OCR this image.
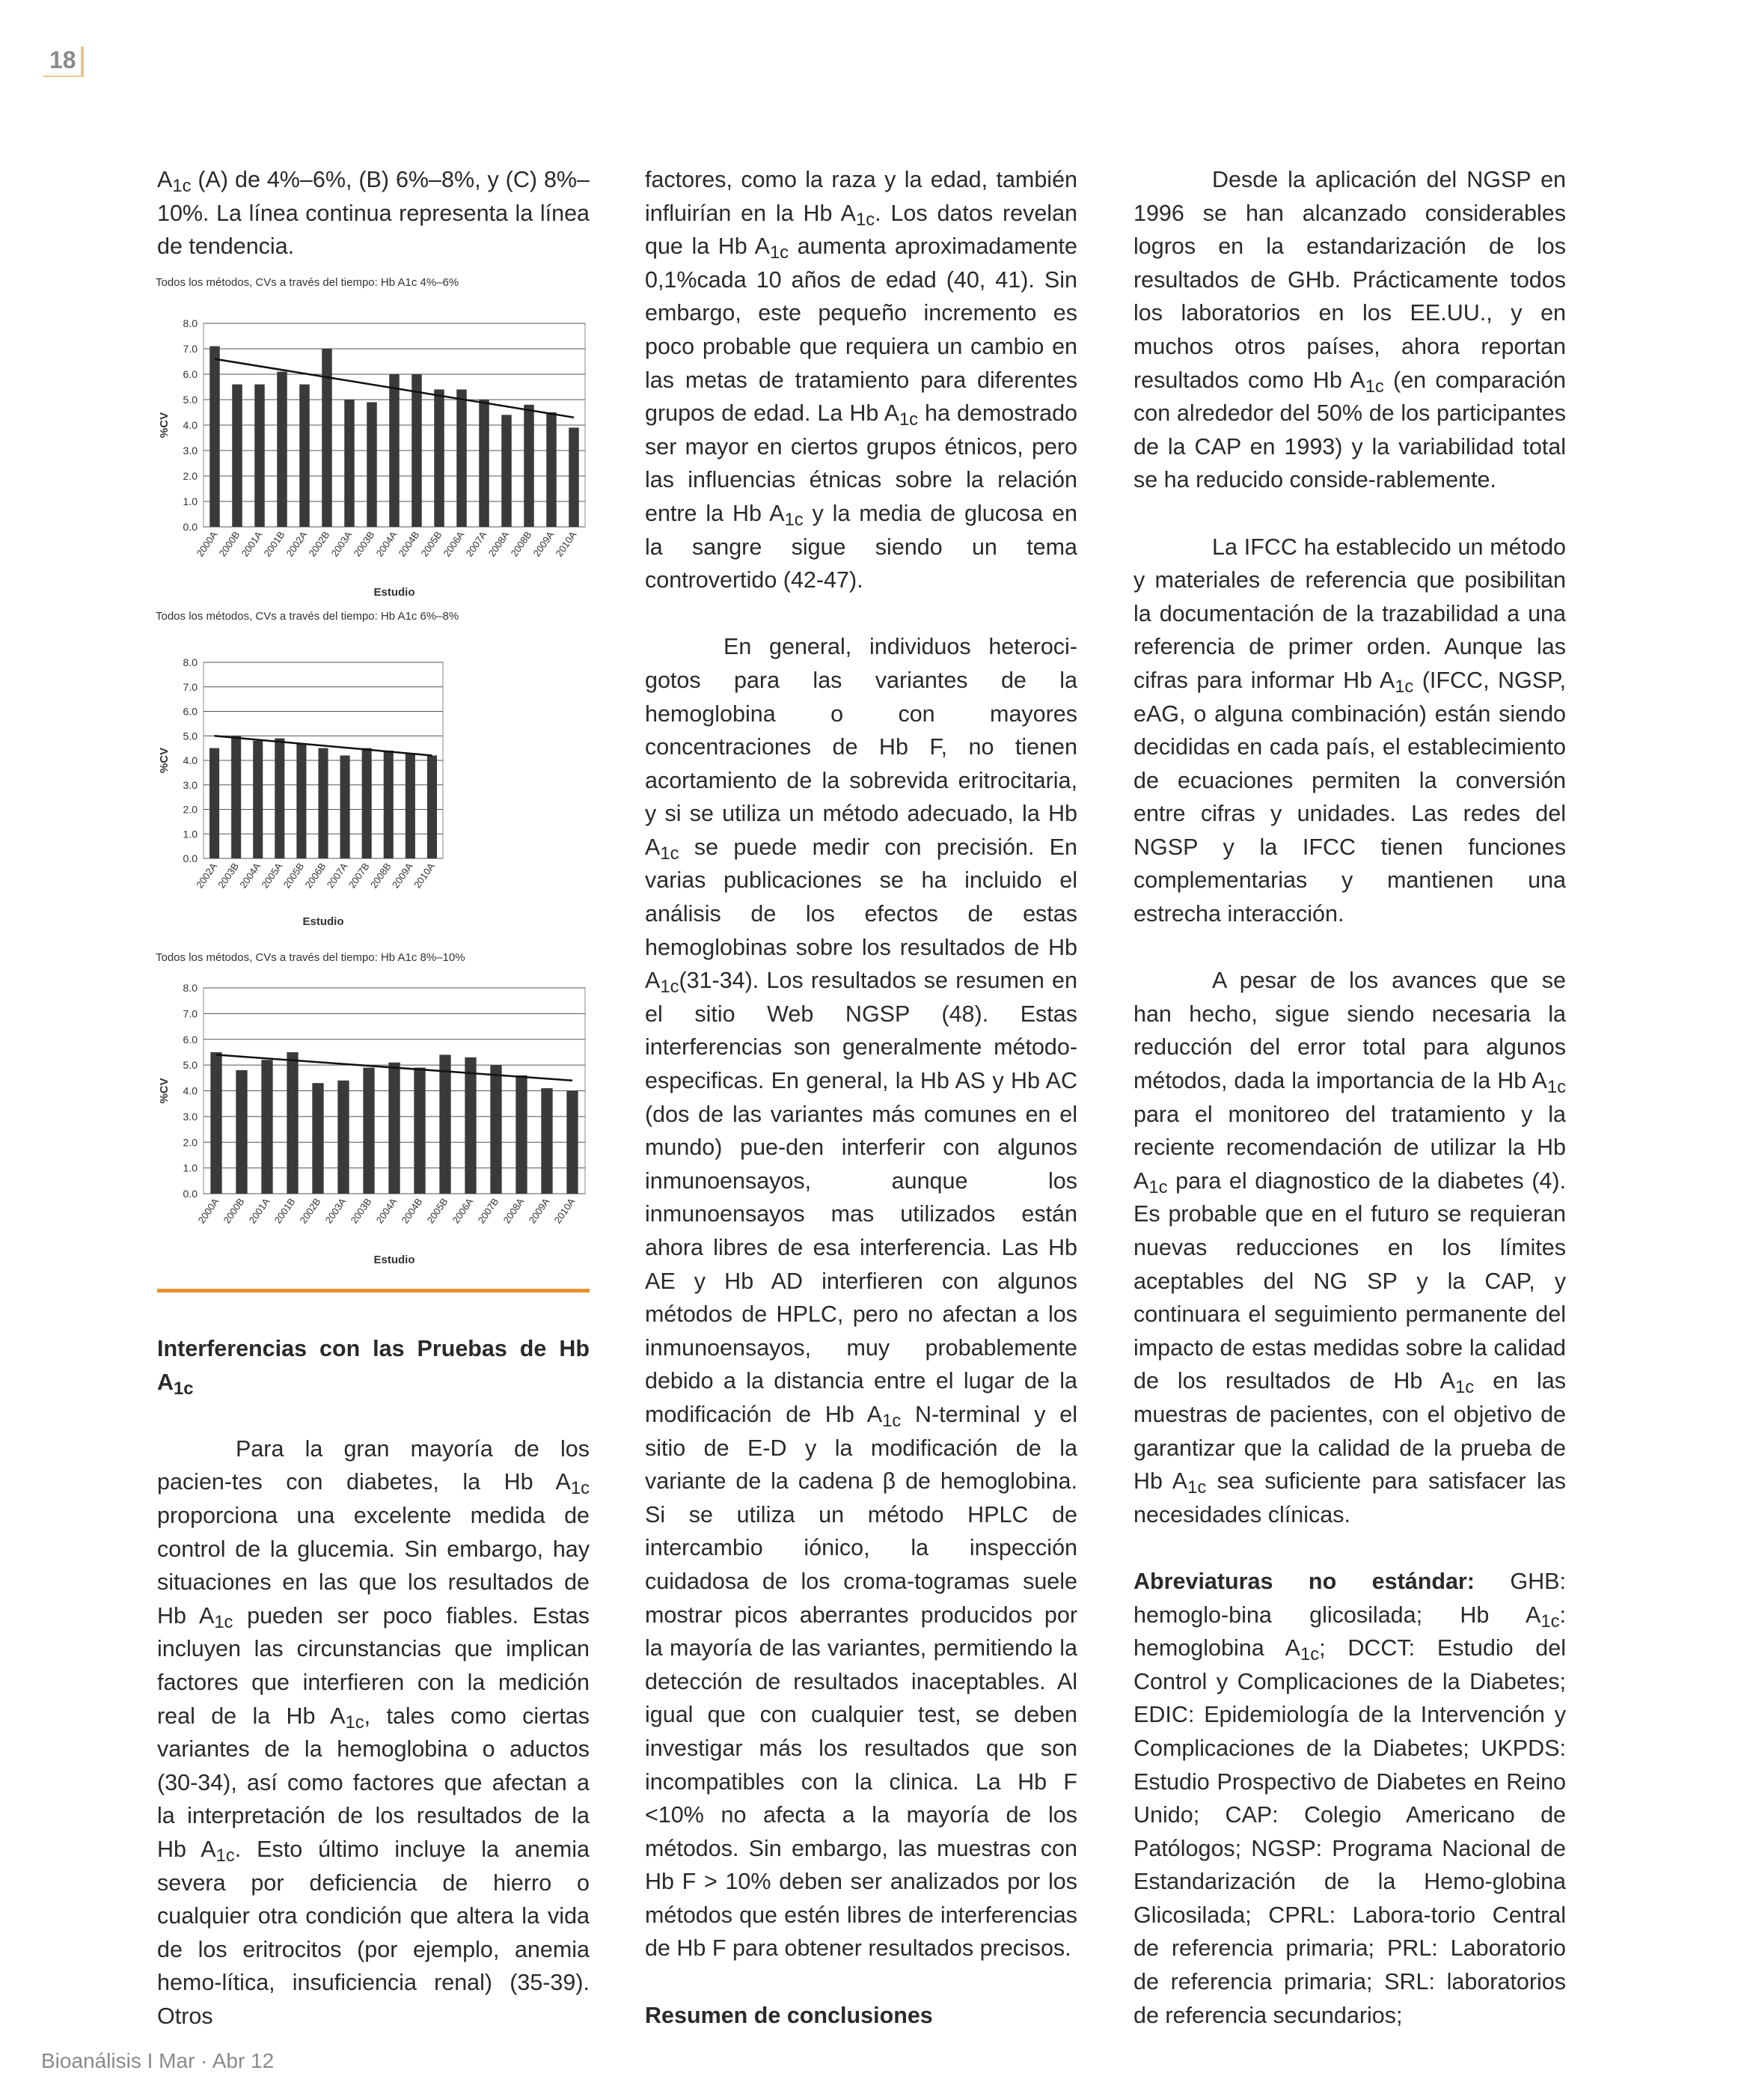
18

$A_{1c}$ (A) de 4%–6%, (B) 6%–8%, y (C) 8%–10%. La línea continua representa la línea de tendencia.

Todos los métodos, CVs a través del tiempo: Hb A1c 4%–6%
0.0
1.0
2.0
3.0
4.0
5.0
6.0
7.0
8.0
%CV
2000A
2000B
2001A
2001B
2002A
2002B
2003A
2003B
2004A
2004B
2005B
2006A
2007A
2008A
2008B
2009A
2010A
Estudio
Todos los métodos, CVs a través del tiempo: Hb A1c 6%–8%
0.0
1.0
2.0
3.0
4.0
5.0
6.0
7.0
8.0
%CV
2002A
2003B
2004A
2005A
2005B
2006B
2007A
2007B
2008B
2009A
2010A
Estudio
Todos los métodos, CVs a través del tiempo: Hb A1c 8%–10%
0.0
1.0
2.0
3.0
4.0
5.0
6.0
7.0
8.0
%CV
2000A 2000B 2001A 2001B 2002B 2003A 2003B 2004A 2004B 2005B 2006A 2007B 2008A 2009A 2010A
Estudio

Interferencias con las Pruebas de Hb $A_{1c}$

Para la gran mayoría de los pacien-tes con diabetes, la Hb $A_{1c}$ proporciona una excelente medida de control de la glucemia. Sin embargo, hay situaciones en las que los resultados de Hb $A_{1c}$ pueden ser poco fiables. Estas incluyen las circunstancias que implican factores que interfieren con la medición real de la Hb $A_{1c}$, tales como ciertas variantes de la hemoglobina o aductos (30-34), así como factores que afectan a la interpretación de los resultados de la Hb $A_{1c}$. Esto último incluye la anemia severa por deficiencia de hierro o cualquier otra condición que altera la vida de los eritrocitos (por ejemplo, anemia hemo-lítica, insuficiencia renal) (35-39). Otros

factores, como la raza y la edad, también influirían en la Hb $A_{1c}$. Los datos revelan que la Hb $A_{1c}$ aumenta aproximadamente 0,1%cada 10 años de edad (40, 41). Sin embargo, este pequeño incremento es poco probable que requiera un cambio en las metas de tratamiento para diferentes grupos de edad. La Hb $A_{1c}$ ha demostrado ser mayor en ciertos grupos étnicos, pero las influencias étnicas sobre la relación entre la Hb $A_{1c}$ y la media de glucosa en la sangre sigue siendo un tema controvertido (42-47).

En general, individuos heteroci-gotos para las variantes de la hemoglobina o con mayores concentraciones de Hb F, no tienen acortamiento de la sobrevida eritrocitaria, y si se utiliza un método adecuado, la Hb $A_{1c}$ se puede medir con precisión. En varias publicaciones se ha incluido el análisis de los efectos de estas hemoglobinas sobre los resultados de Hb $A_{1c}(31-34)$. Los resultados se resumen en el sitio Web NGSP (48). Estas interferencias son generalmente método-especificas. En general, la Hb AS y Hb AC (dos de las variantes más comunes en el mundo) pue-den interferir con algunos inmunoensayos, aunque los inmunoensayos mas utilizados están ahora libres de esa interferencia. Las Hb AE y Hb AD interfieren con algunos métodos de HPLC, pero no afectan a los inmunoensayos, muy probablemente debido a la distancia entre el lugar de la modificación de Hb $A_{1c}$ N-terminal y el sitio de E-D y la modificación de la variante de la cadena β de hemoglobina. Si se utiliza un método HPLC de intercambio iónico, la inspección cuidadosa de los croma-togramas suele mostrar picos aberrantes producidos por la mayoría de las variantes, permitiendo la detección de resultados inaceptables. Al igual que con cualquier test, se deben investigar más los resultados que son incompatibles con la clinica. La Hb F <10% no afecta a la mayoría de los métodos. Sin embargo, las muestras con Hb F > 10% deben ser analizados por los métodos que estén libres de interferencias de Hb F para obtener resultados precisos.

Resumen de conclusiones

Desde la aplicación del NGSP en 1996 se han alcanzado considerables logros en la estandarización de los resultados de GHb. Prácticamente todos los laboratorios en los EE.UU., y en muchos otros países, ahora reportan resultados como Hb $A_{1c}$ (en comparación con alrededor del 50% de los participantes de la CAP en 1993) y la variabilidad total se ha reducido conside-rablemente.

La IFCC ha establecido un método y materiales de referencia que posibilitan la documentación de la trazabilidad a una referencia de primer orden. Aunque las cifras para informar Hb $A_{1c}$ (IFCC, NGSP, eAG, o alguna combinación) están siendo decididas en cada país, el establecimiento de ecuaciones permiten la conversión entre cifras y unidades. Las redes del NGSP y la IFCC tienen funciones complementarias y mantienen una estrecha interacción.

A pesar de los avances que se han hecho, sigue siendo necesaria la reducción del error total para algunos métodos, dada la importancia de la Hb $A_{1c}$ para el monitoreo del tratamiento y la reciente recomendación de utilizar la Hb $A_{1c}$ para el diagnostico de la diabetes (4). Es probable que en el futuro se requieran nuevas reducciones en los límites aceptables del NG SP y la CAP, y continuara el seguimiento permanente del impacto de estas medidas sobre la calidad de los resultados de Hb $A_{1c}$ en las muestras de pacientes, con el objetivo de garantizar que la calidad de la prueba de Hb $A_{1c}$ sea suficiente para satisfacer las necesidades clínicas.

Abreviaturas no estándar: GHB: hemoglo-bina glicosilada; Hb $A_{1c}$: hemoglobina $A_{1c}$; DCCT: Estudio del Control y Complicaciones de la Diabetes; EDIC: Epidemiología de la Intervención y Complicaciones de la Diabetes; UKPDS: Estudio Prospectivo de Diabetes en Reino Unido; CAP: Colegio Americano de Patólogos; NGSP: Programa Nacional de Estandarización de la Hemo-globina Glicosilada; CPRL: Labora-torio Central de referencia primaria; PRL: Laboratorio de referencia primaria; SRL: laboratorios de referencia secundarios;

Bioanálisis I Mar · Abr 12
